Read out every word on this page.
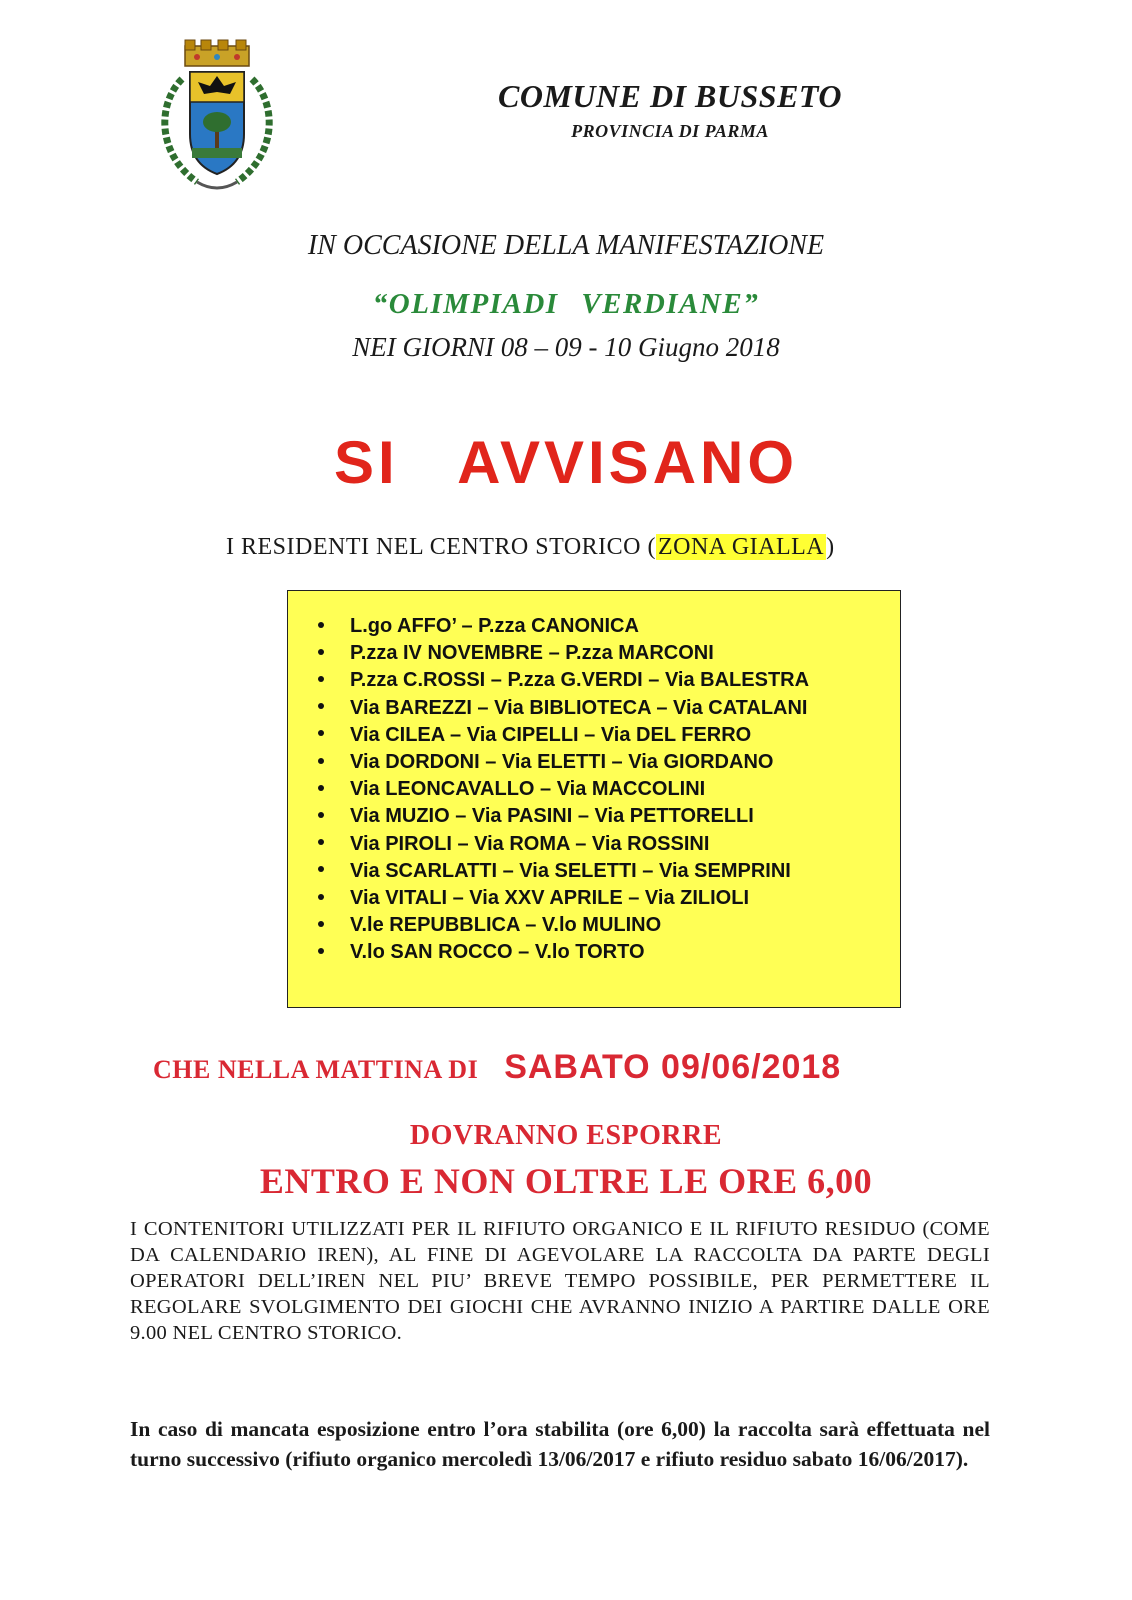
COMUNE DI BUSSETO
PROVINCIA DI PARMA
IN OCCASIONE DELLA MANIFESTAZIONE
“OLIMPIADI VERDIANE”
NEI GIORNI 08 – 09 - 10 Giugno 2018
SI AVVISANO
I RESIDENTI NEL CENTRO STORICO (ZONA GIALLA)
L.go AFFO’ – P.zza CANONICA
P.zza IV NOVEMBRE – P.zza MARCONI
P.zza C.ROSSI – P.zza G.VERDI – Via BALESTRA
Via BAREZZI – Via BIBLIOTECA – Via CATALANI
Via CILEA – Via CIPELLI – Via DEL FERRO
Via DORDONI – Via ELETTI – Via GIORDANO
Via LEONCAVALLO – Via MACCOLINI
Via MUZIO – Via PASINI – Via PETTORELLI
Via PIROLI – Via ROMA – Via ROSSINI
Via SCARLATTI – Via SELETTI – Via SEMPRINI
Via VITALI – Via XXV APRILE – Via ZILIOLI
V.le REPUBBLICA – V.lo MULINO
V.lo SAN ROCCO – V.lo TORTO
CHE NELLA MATTINA DI SABATO 09/06/2018
DOVRANNO ESPORRE
ENTRO E NON OLTRE LE ORE 6,00
I CONTENITORI UTILIZZATI PER IL RIFIUTO ORGANICO E IL RIFIUTO RESIDUO (COME DA CALENDARIO IREN), AL FINE DI AGEVOLARE LA RACCOLTA DA PARTE DEGLI OPERATORI DELL’IREN NEL PIU’ BREVE TEMPO POSSIBILE, PER PERMETTERE IL REGOLARE SVOLGIMENTO DEI GIOCHI CHE AVRANNO INIZIO A PARTIRE DALLE ORE 9.00 NEL CENTRO STORICO.
In caso di mancata esposizione entro l’ora stabilita (ore 6,00) la raccolta sarà effettuata nel turno successivo (rifiuto organico mercoledì 13/06/2017 e rifiuto residuo sabato 16/06/2017).
